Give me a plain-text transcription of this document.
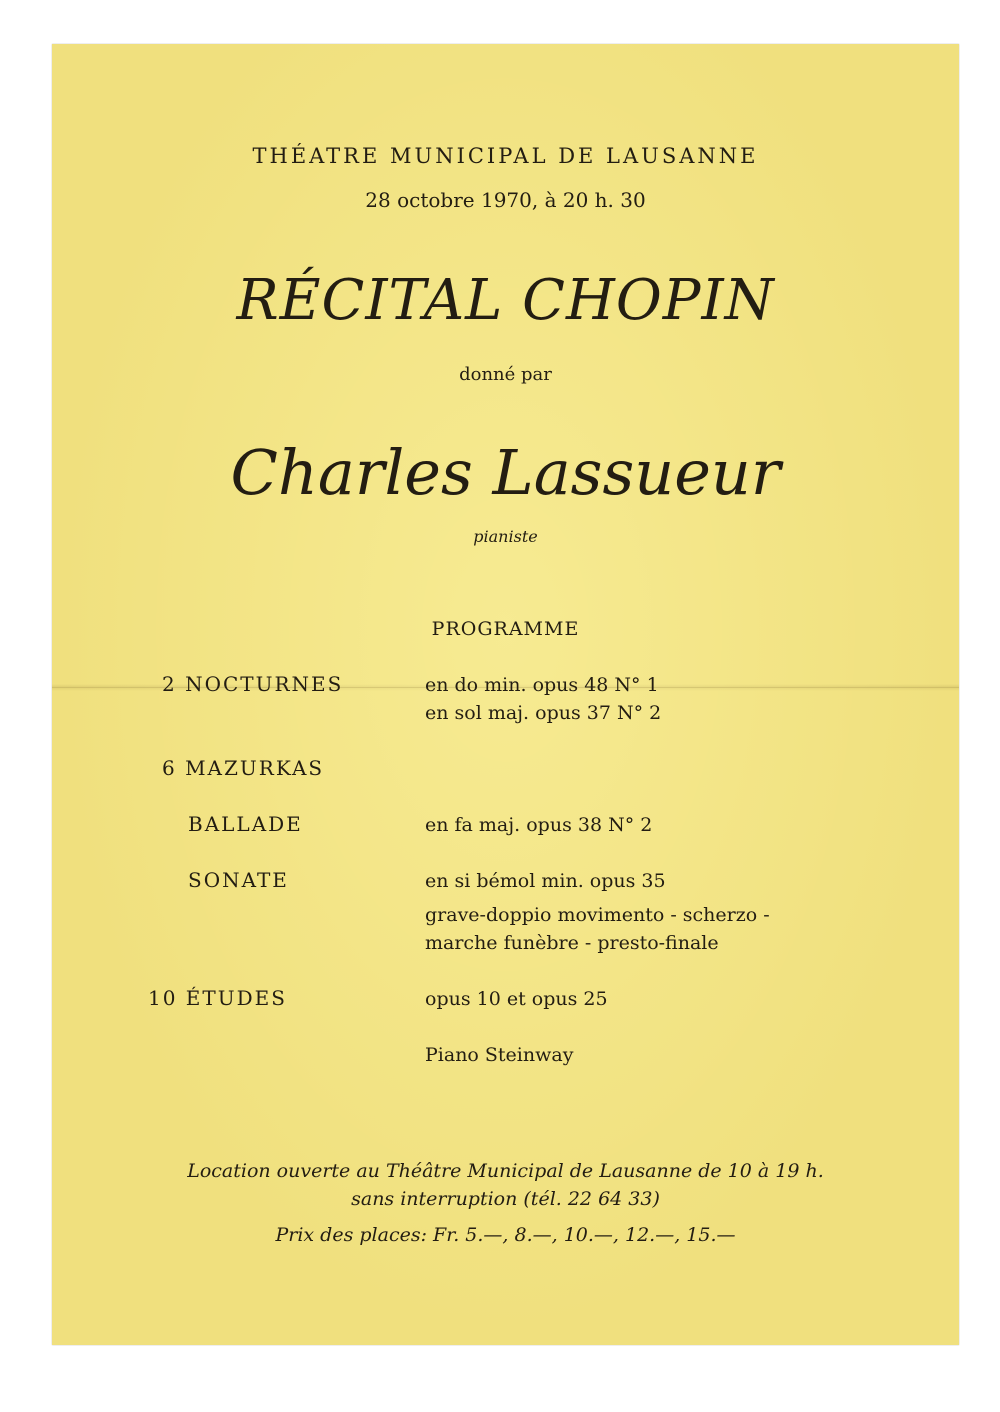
THÉATRE MUNICIPAL DE LAUSANNE
28 octobre 1970, à 20 h. 30
RÉCITAL CHOPIN
donné par
Charles Lassueur
pianiste
PROGRAMME
2 NOCTURNES	en do min. opus 48 N° 1
en sol maj. opus 37 N° 2
6 MAZURKAS
BALLADE	en fa maj. opus 38 N° 2
SONATE	en si bémol min. opus 35
grave-doppio movimento - scherzo -
marche funèbre - presto-finale
10 ÉTUDES	opus 10 et opus 25
Piano Steinway
Location ouverte au Théâtre Municipal de Lausanne de 10 à 19 h.
sans interruption (tél. 22 64 33)
Prix des places: Fr. 5.—, 8.—, 10.—, 12.—, 15.—
